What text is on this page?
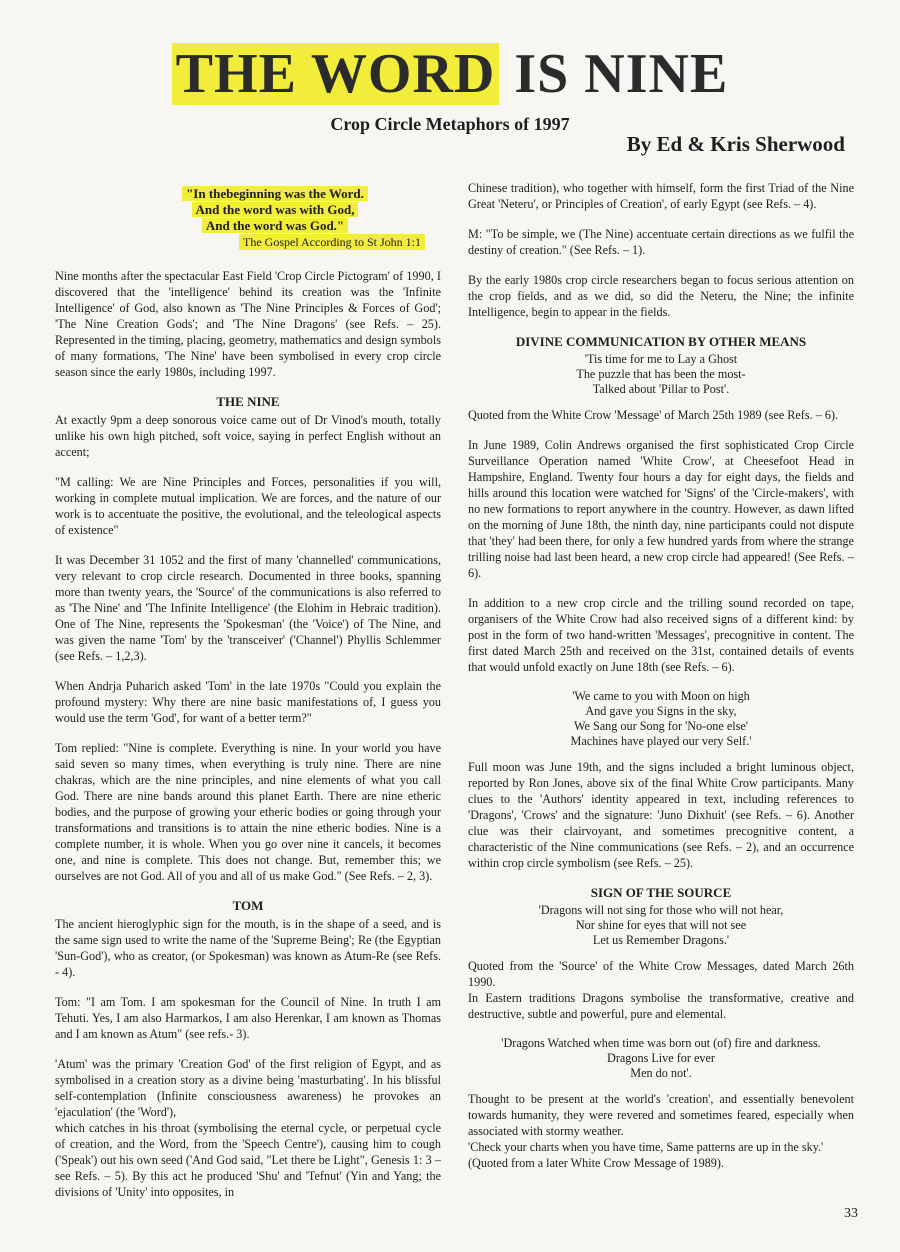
THE WORD IS NINE
Crop Circle Metaphors of 1997
By Ed & Kris Sherwood
"In thebeginning was the Word.
And the word was with God,
And the word was God."
The Gospel According to St John 1:1

Nine months after the spectacular East Field 'Crop Circle Pictogram' of 1990, I discovered that the 'intelligence' behind its creation was the 'Infinite Intelligence' of God, also known as 'The Nine Principles & Forces of God'; 'The Nine Creation Gods'; and 'The Nine Dragons' (see Refs. – 25). Represented in the timing, placing, geometry, mathematics and design symbols of many formations, 'The Nine' have been symbolised in every crop circle season since the early 1980s, including 1997.

THE NINE

At exactly 9pm a deep sonorous voice came out of Dr Vinod's mouth, totally unlike his own high pitched, soft voice, saying in perfect English without an accent;

"M calling: We are Nine Principles and Forces, personalities if you will, working in complete mutual implication. We are forces, and the nature of our work is to accentuate the positive, the evolutional, and the teleological aspects of existence"

It was December 31 1052 and the first of many 'channelled' communications, very relevant to crop circle research. Documented in three books, spanning more than twenty years, the 'Source' of the communications is also referred to as 'The Nine' and 'The Infinite Intelligence' (the Elohim in Hebraic tradition). One of The Nine, represents the 'Spokesman' (the 'Voice') of The Nine, and was given the name 'Tom' by the 'transceiver' ('Channel') Phyllis Schlemmer (see Refs. – 1,2,3).

When Andrja Puharich asked 'Tom' in the late 1970s "Could you explain the profound mystery: Why there are nine basic manifestations of, I guess you would use the term 'God', for want of a better term?"

Tom replied: "Nine is complete. Everything is nine. In your world you have said seven so many times, when everything is truly nine. There are nine chakras, which are the nine principles, and nine elements of what you call God. There are nine bands around this planet Earth. There are nine etheric bodies, and the purpose of growing your etheric bodies or going through your transformations and transitions is to attain the nine etheric bodies. Nine is a complete number, it is whole. When you go over nine it cancels, it becomes one, and nine is complete. This does not change. But, remember this; we ourselves are not God. All of you and all of us make God." (See Refs. – 2, 3).

TOM

The ancient hieroglyphic sign for the mouth, is in the shape of a seed, and is the same sign used to write the name of the 'Supreme Being'; Re (the Egyptian 'Sun-God'), who as creator, (or Spokesman) was known as Atum-Re (see Refs. - 4).

Tom: "I am Tom. I am spokesman for the Council of Nine. In truth I am Tehuti. Yes, I am also Harmarkos, I am also Herenkar, I am known as Thomas and I am known as Atum" (see refs.- 3).

'Atum' was the primary 'Creation God' of the first religion of Egypt, and as symbolised in a creation story as a divine being 'masturbating'. In his blissful self-contemplation (Infinite consciousness awareness) he provokes an 'ejaculation' (the 'Word'),

which catches in his throat (symbolising the eternal cycle, or perpetual cycle of creation, and the Word, from the 'Speech Centre'), causing him to cough ('Speak') out his own seed ('And God said, "Let there be Light", Genesis 1: 3 – see Refs. – 5). By this act he produced 'Shu' and 'Tefnut' (Yin and Yang; the divisions of 'Unity' into opposites, in

Chinese tradition), who together with himself, form the first Triad of the Nine Great 'Neteru', or Principles of Creation', of early Egypt (see Refs. – 4).

M: "To be simple, we (The Nine) accentuate certain directions as we fulfil the destiny of creation." (See Refs. – 1).

By the early 1980s crop circle researchers began to focus serious attention on the crop fields, and as we did, so did the Neteru, the Nine; the infinite Intelligence, begin to appear in the fields.

DIVINE COMMUNICATION BY OTHER MEANS
'Tis time for me to Lay a Ghost
The puzzle that has been the most-
Talked about 'Pillar to Post'.

Quoted from the White Crow 'Message' of March 25th 1989 (see Refs. – 6).

In June 1989, Colin Andrews organised the first sophisticated Crop Circle Surveillance Operation named 'White Crow', at Cheesefoot Head in Hampshire, England. Twenty four hours a day for eight days, the fields and hills around this location were watched for 'Signs' of the 'Circle-makers', with no new formations to report anywhere in the country. However, as dawn lifted on the morning of June 18th, the ninth day, nine participants could not dispute that 'they' had been there, for only a few hundred yards from where the strange trilling noise had last been heard, a new crop circle had appeared! (See Refs. – 6).

In addition to a new crop circle and the trilling sound recorded on tape, organisers of the White Crow had also received signs of a different kind: by post in the form of two hand-written 'Messages', precognitive in content. The first dated March 25th and received on the 31st, contained details of events that would unfold exactly on June 18th (see Refs. – 6).

'We came to you with Moon on high
And gave you Signs in the sky,
We Sang our Song for 'No-one else'
Machines have played our very Self.'

Full moon was June 19th, and the signs included a bright luminous object, reported by Ron Jones, above six of the final White Crow participants. Many clues to the 'Authors' identity appeared in text, including references to 'Dragons', 'Crows' and the signature: 'Juno Dixhuit' (see Refs. – 6). Another clue was their clairvoyant, and sometimes precognitive content, a characteristic of the Nine communications (see Refs. – 2), and an occurrence within crop circle symbolism (see Refs. – 25).

SIGN OF THE SOURCE
'Dragons will not sing for those who will not hear,
Nor shine for eyes that will not see
Let us Remember Dragons.'

Quoted from the 'Source' of the White Crow Messages, dated March 26th 1990.

In Eastern traditions Dragons symbolise the transformative, creative and destructive, subtle and powerful, pure and elemental.

'Dragons Watched when time was born out (of) fire and darkness.
Dragons Live for ever
Men do not'.

Thought to be present at the world's 'creation', and essentially benevolent towards humanity, they were revered and sometimes feared, especially when associated with stormy weather.

'Check your charts when you have time, Same patterns are up in the sky.'

(Quoted from a later White Crow Message of 1989).

33
